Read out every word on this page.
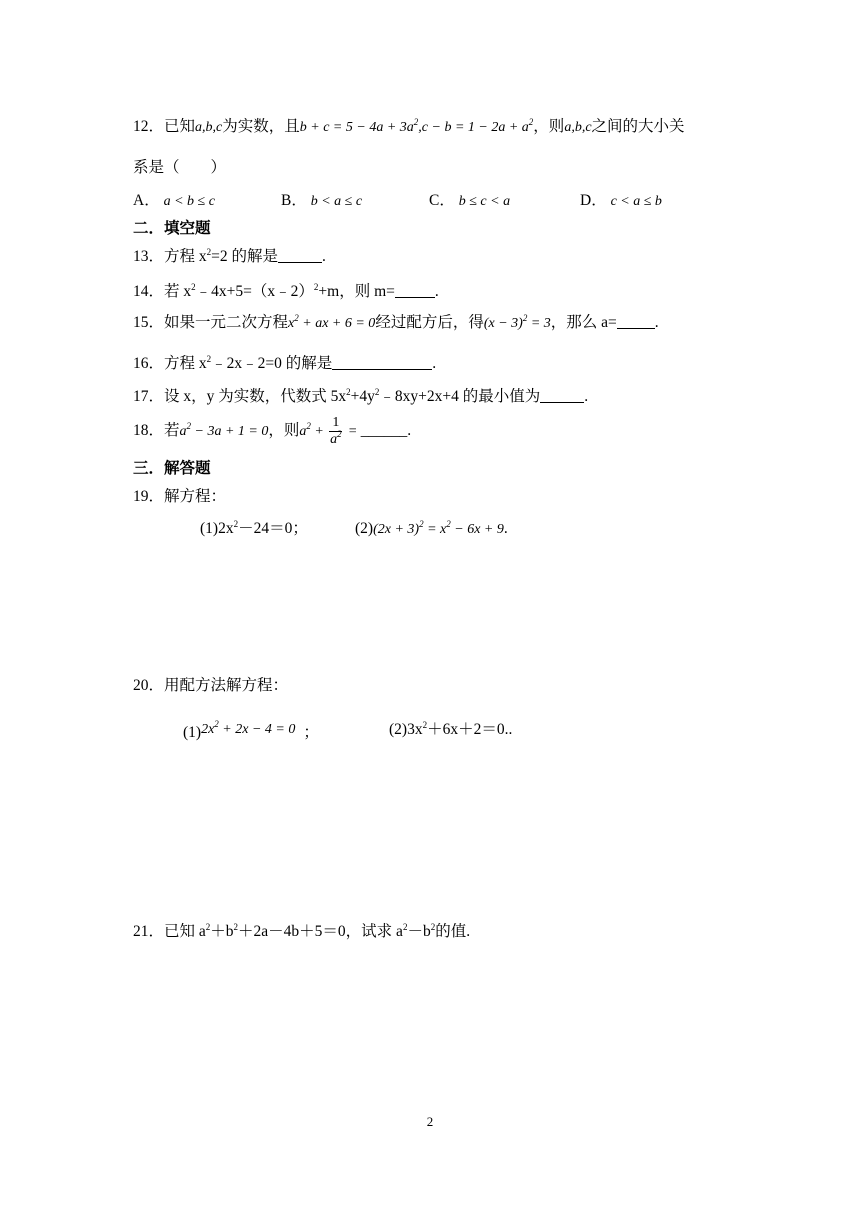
12．已知a,b,c为实数，且$b + c = 5 - 4a + 3a^2,c - b = 1 - 2a + a^2$，则a,b,c之间的大小关
系是（　　）
A． a < b ≤ c	B． b < a ≤ c	C． b ≤ c < a	D． c < a ≤ b
二．填空题
13．方程 $x^2=2$ 的解是	.
14．若 $x^2﹣4x+5=(x﹣2)^2+m$，则 m=	.
15．如果一元二次方程$x^2$ + ax + 6 = 0经过配方后，得$(x - 3)^2 = 3$，那么 a= .
16．方程 $x^2﹣2x﹣2=0$ 的解是	.
17．设 x，y 为实数，代数式 $5x^2+4y^2﹣8xy+2x+4$ 的最小值为	.
18．若$a^2 - 3a + 1 = 0$，则$a^2 + \frac{1}{a^2}$ = ______.
三．解答题
19．解方程：
$(1)2x^2-24=0$；	$(2)(2x + 3)^2 = x^2 - 6x + 9$.
20．用配方法解方程：
$(1)2x^2 + 2x - 4 = 0$ ；	$(2)3x^2+6x+2=0$..
21．已知 $a^2+b^2+2a-4b+5=0$，试求 $a^2-b^2$的值.
2
